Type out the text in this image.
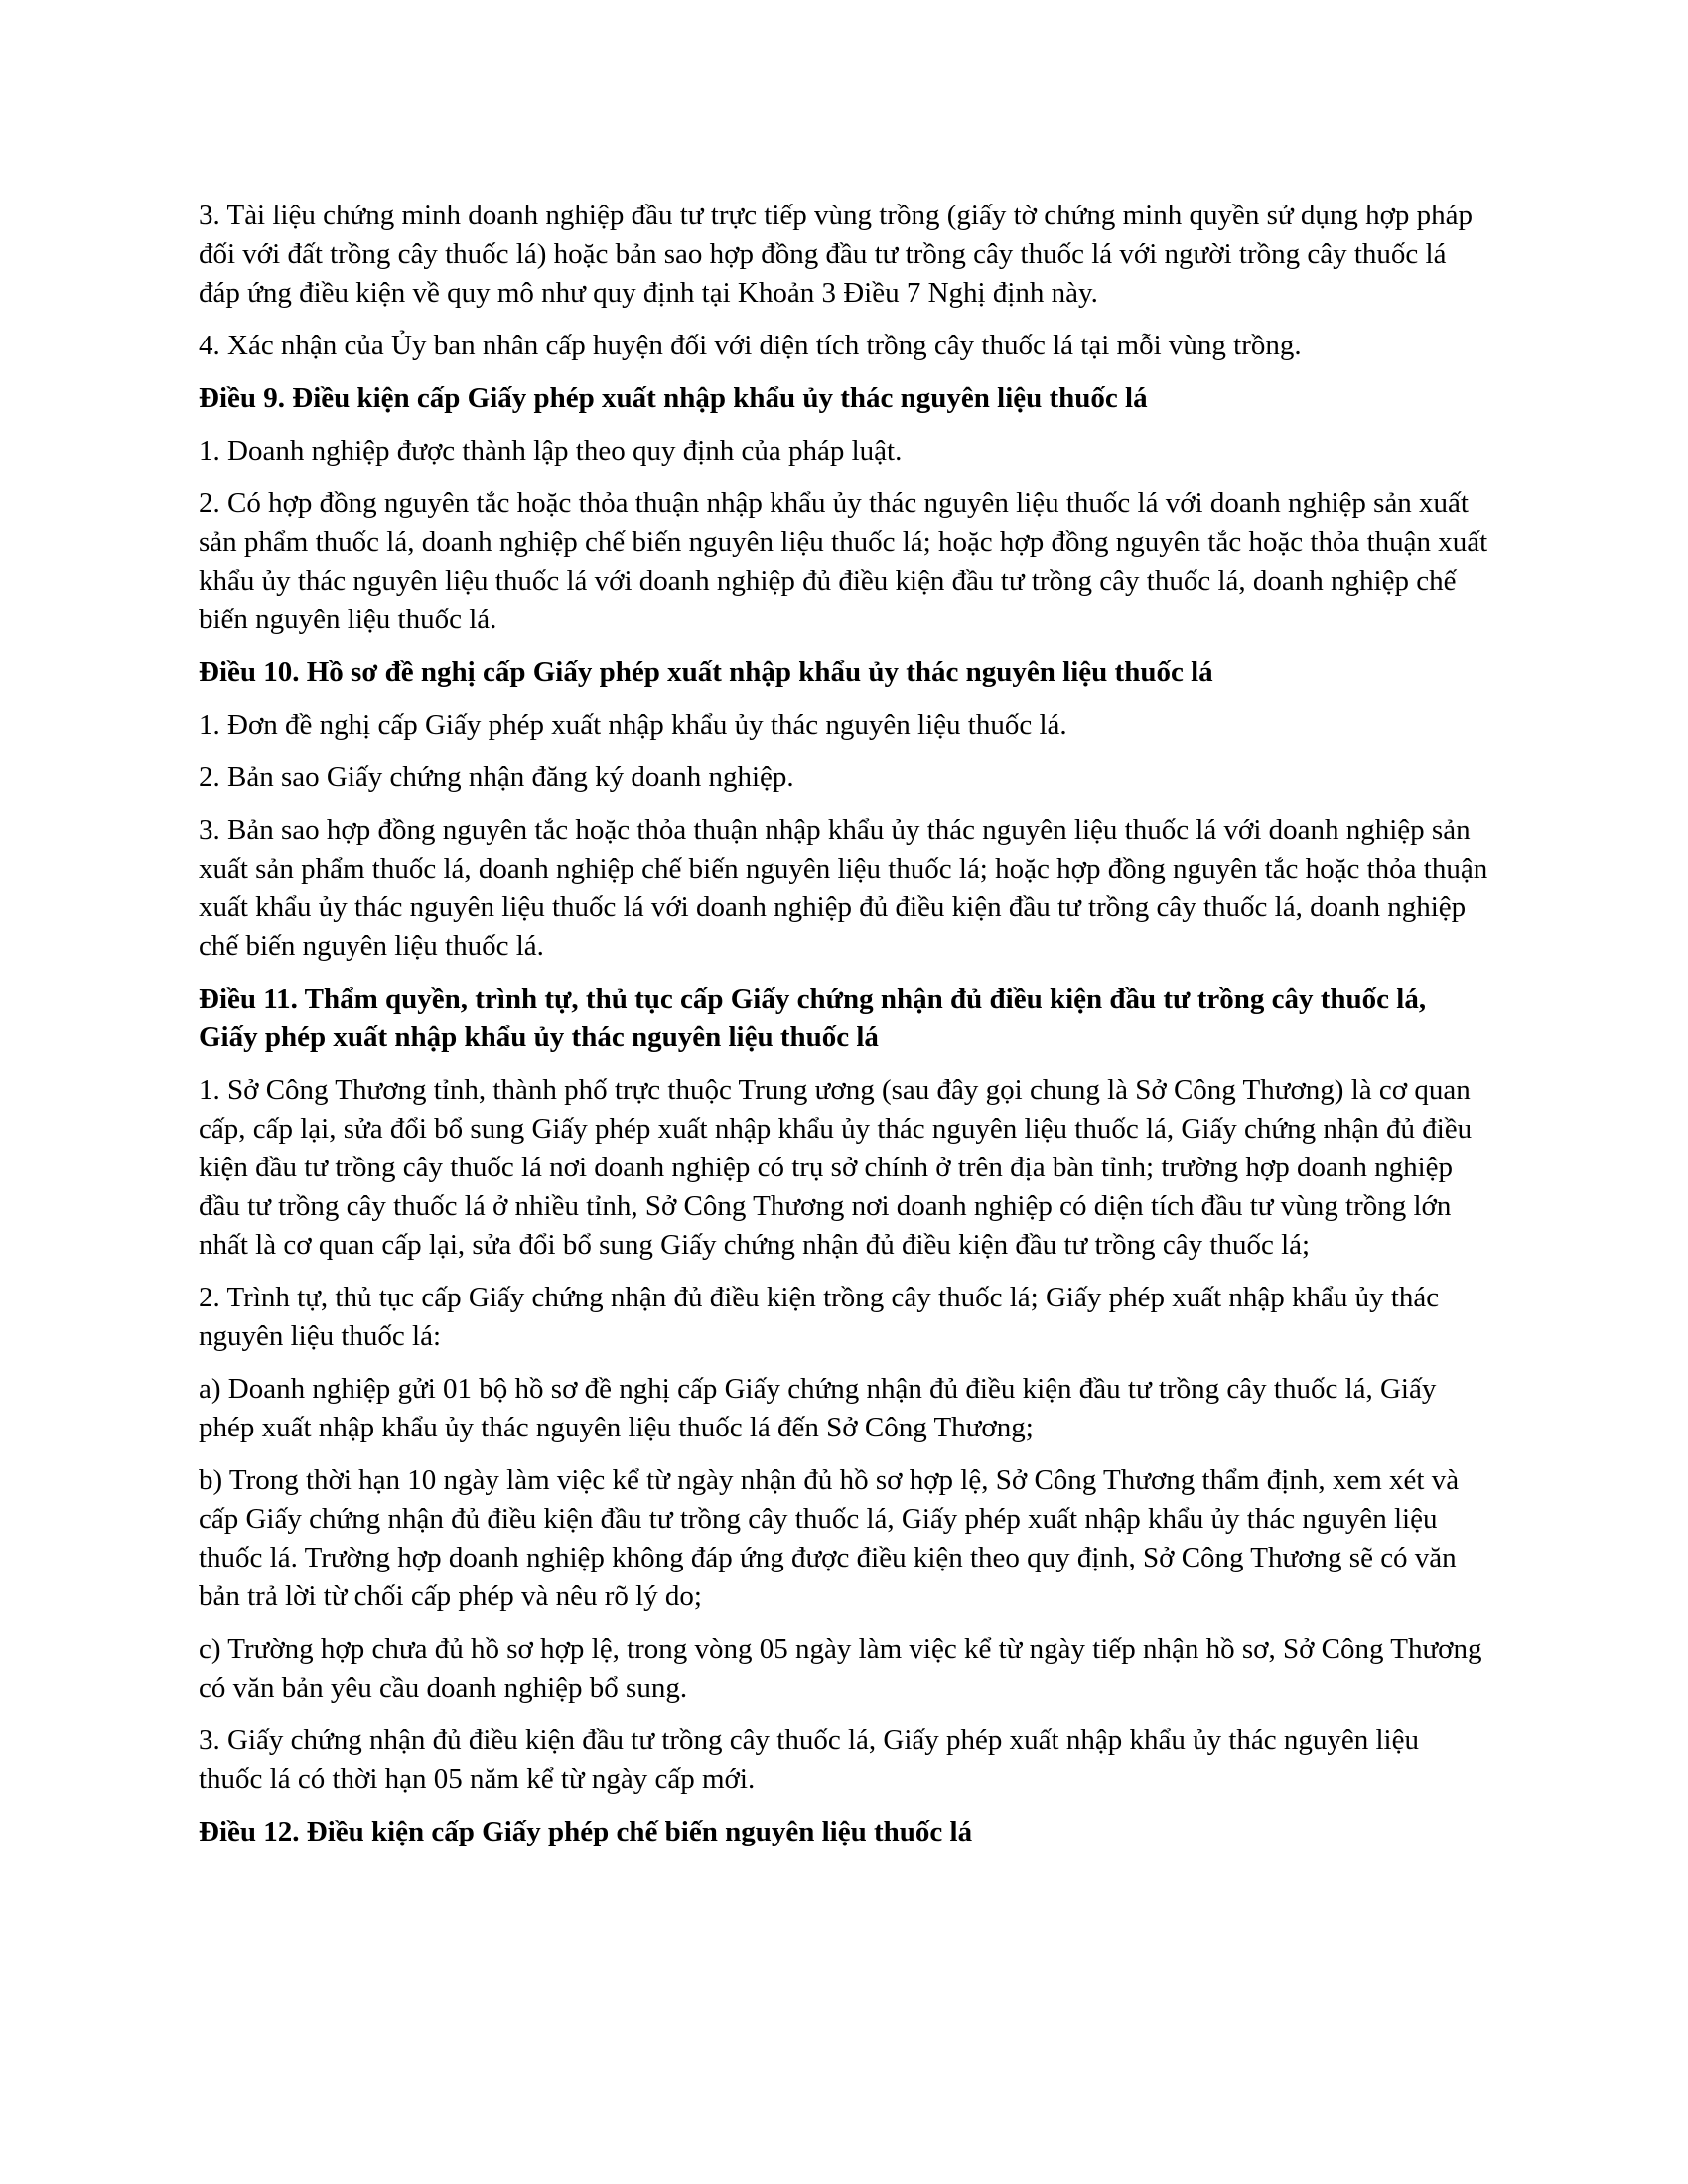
3. Tài liệu chứng minh doanh nghiệp đầu tư trực tiếp vùng trồng (giấy tờ chứng minh quyền sử dụng hợp pháp đối với đất trồng cây thuốc lá) hoặc bản sao hợp đồng đầu tư trồng cây thuốc lá với người trồng cây thuốc lá đáp ứng điều kiện về quy mô như quy định tại Khoản 3 Điều 7 Nghị định này.

4. Xác nhận của Ủy ban nhân cấp huyện đối với diện tích trồng cây thuốc lá tại mỗi vùng trồng.

Điều 9. Điều kiện cấp Giấy phép xuất nhập khẩu ủy thác nguyên liệu thuốc lá

1. Doanh nghiệp được thành lập theo quy định của pháp luật.

2. Có hợp đồng nguyên tắc hoặc thỏa thuận nhập khẩu ủy thác nguyên liệu thuốc lá với doanh nghiệp sản xuất sản phẩm thuốc lá, doanh nghiệp chế biến nguyên liệu thuốc lá; hoặc hợp đồng nguyên tắc hoặc thỏa thuận xuất khẩu ủy thác nguyên liệu thuốc lá với doanh nghiệp đủ điều kiện đầu tư trồng cây thuốc lá, doanh nghiệp chế biến nguyên liệu thuốc lá.

Điều 10. Hồ sơ đề nghị cấp Giấy phép xuất nhập khẩu ủy thác nguyên liệu thuốc lá

1. Đơn đề nghị cấp Giấy phép xuất nhập khẩu ủy thác nguyên liệu thuốc lá.

2. Bản sao Giấy chứng nhận đăng ký doanh nghiệp.

3. Bản sao hợp đồng nguyên tắc hoặc thỏa thuận nhập khẩu ủy thác nguyên liệu thuốc lá với doanh nghiệp sản xuất sản phẩm thuốc lá, doanh nghiệp chế biến nguyên liệu thuốc lá; hoặc hợp đồng nguyên tắc hoặc thỏa thuận xuất khẩu ủy thác nguyên liệu thuốc lá với doanh nghiệp đủ điều kiện đầu tư trồng cây thuốc lá, doanh nghiệp chế biến nguyên liệu thuốc lá.

Điều 11. Thẩm quyền, trình tự, thủ tục cấp Giấy chứng nhận đủ điều kiện đầu tư trồng cây thuốc lá, Giấy phép xuất nhập khẩu ủy thác nguyên liệu thuốc lá

1. Sở Công Thương tỉnh, thành phố trực thuộc Trung ương (sau đây gọi chung là Sở Công Thương) là cơ quan cấp, cấp lại, sửa đổi bổ sung Giấy phép xuất nhập khẩu ủy thác nguyên liệu thuốc lá, Giấy chứng nhận đủ điều kiện đầu tư trồng cây thuốc lá nơi doanh nghiệp có trụ sở chính ở trên địa bàn tỉnh; trường hợp doanh nghiệp đầu tư trồng cây thuốc lá ở nhiều tỉnh, Sở Công Thương nơi doanh nghiệp có diện tích đầu tư vùng trồng lớn nhất là cơ quan cấp lại, sửa đổi bổ sung Giấy chứng nhận đủ điều kiện đầu tư trồng cây thuốc lá;

2. Trình tự, thủ tục cấp Giấy chứng nhận đủ điều kiện trồng cây thuốc lá; Giấy phép xuất nhập khẩu ủy thác nguyên liệu thuốc lá:

a) Doanh nghiệp gửi 01 bộ hồ sơ đề nghị cấp Giấy chứng nhận đủ điều kiện đầu tư trồng cây thuốc lá, Giấy phép xuất nhập khẩu ủy thác nguyên liệu thuốc lá đến Sở Công Thương;

b) Trong thời hạn 10 ngày làm việc kể từ ngày nhận đủ hồ sơ hợp lệ, Sở Công Thương thẩm định, xem xét và cấp Giấy chứng nhận đủ điều kiện đầu tư trồng cây thuốc lá, Giấy phép xuất nhập khẩu ủy thác nguyên liệu thuốc lá. Trường hợp doanh nghiệp không đáp ứng được điều kiện theo quy định, Sở Công Thương sẽ có văn bản trả lời từ chối cấp phép và nêu rõ lý do;

c) Trường hợp chưa đủ hồ sơ hợp lệ, trong vòng 05 ngày làm việc kể từ ngày tiếp nhận hồ sơ, Sở Công Thương có văn bản yêu cầu doanh nghiệp bổ sung.

3. Giấy chứng nhận đủ điều kiện đầu tư trồng cây thuốc lá, Giấy phép xuất nhập khẩu ủy thác nguyên liệu thuốc lá có thời hạn 05 năm kể từ ngày cấp mới.

Điều 12. Điều kiện cấp Giấy phép chế biến nguyên liệu thuốc lá
